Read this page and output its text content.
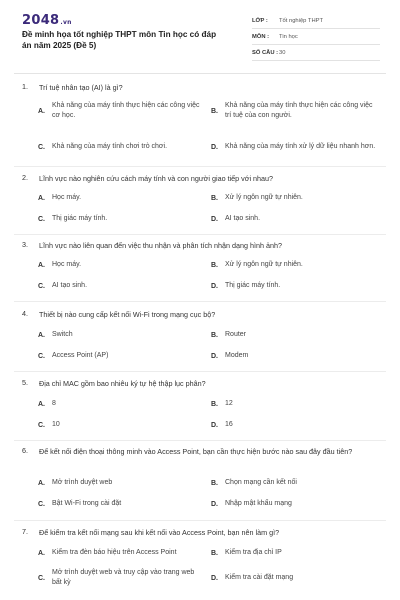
2048.vn
Đề minh họa tốt nghiệp THPT môn Tin học có đáp án năm 2025 (Đề 5)
LỚP :	Tốt nghiệp THPT
MÔN :	Tin học
SỐ CÂU : 30
1.	Trí tuệ nhân tạo (AI) là gì?
A.
Khả năng của máy tính thực hiện các công việc cơ học.
B.
Khả năng của máy tính thực hiện các công việc trí tuệ của con người.
C.	Khả năng của máy tính chơi trò chơi.	D.	Khả năng của máy tính xử lý dữ liệu nhanh hơn.
2.	Lĩnh vực nào nghiên cứu cách máy tính và con người giao tiếp với nhau?
A.	Học máy.	B.	Xử lý ngôn ngữ tự nhiên.
C.	Thị giác máy tính.	D.	AI tạo sinh.
3.	Lĩnh vực nào liên quan đến việc thu nhận và phân tích nhận dạng hình ảnh?
A.	Học máy.	B.	Xử lý ngôn ngữ tự nhiên.
C.	AI tạo sinh.	D.	Thị giác máy tính.
4.	Thiết bị nào cung cấp kết nối Wi-Fi trong mạng cục bộ?
A.	Switch	B.	Router
C.	Access Point (AP)	D.	Modem
5.	Địa chỉ MAC gồm bao nhiêu ký tự hệ thập lục phân?
A.	8	B.	12
C.	10	D.	16
6.	Để kết nối điện thoại thông minh vào Access Point, bạn cần thực hiện bước nào sau đây đầu tiên?
A.	Mở trình duyệt web	B.	Chọn mạng cần kết nối
C.	Bật Wi-Fi trong cài đặt	D.	Nhập mật khẩu mạng
7.	Để kiểm tra kết nối mạng sau khi kết nối vào Access Point, bạn nên làm gì?
A.	Kiểm tra đèn báo hiệu trên Access Point	B.	Kiểm tra địa chỉ IP
C.
Mở trình duyệt web và truy cập vào trang web bất kỳ
D.	Kiểm tra cài đặt mạng
